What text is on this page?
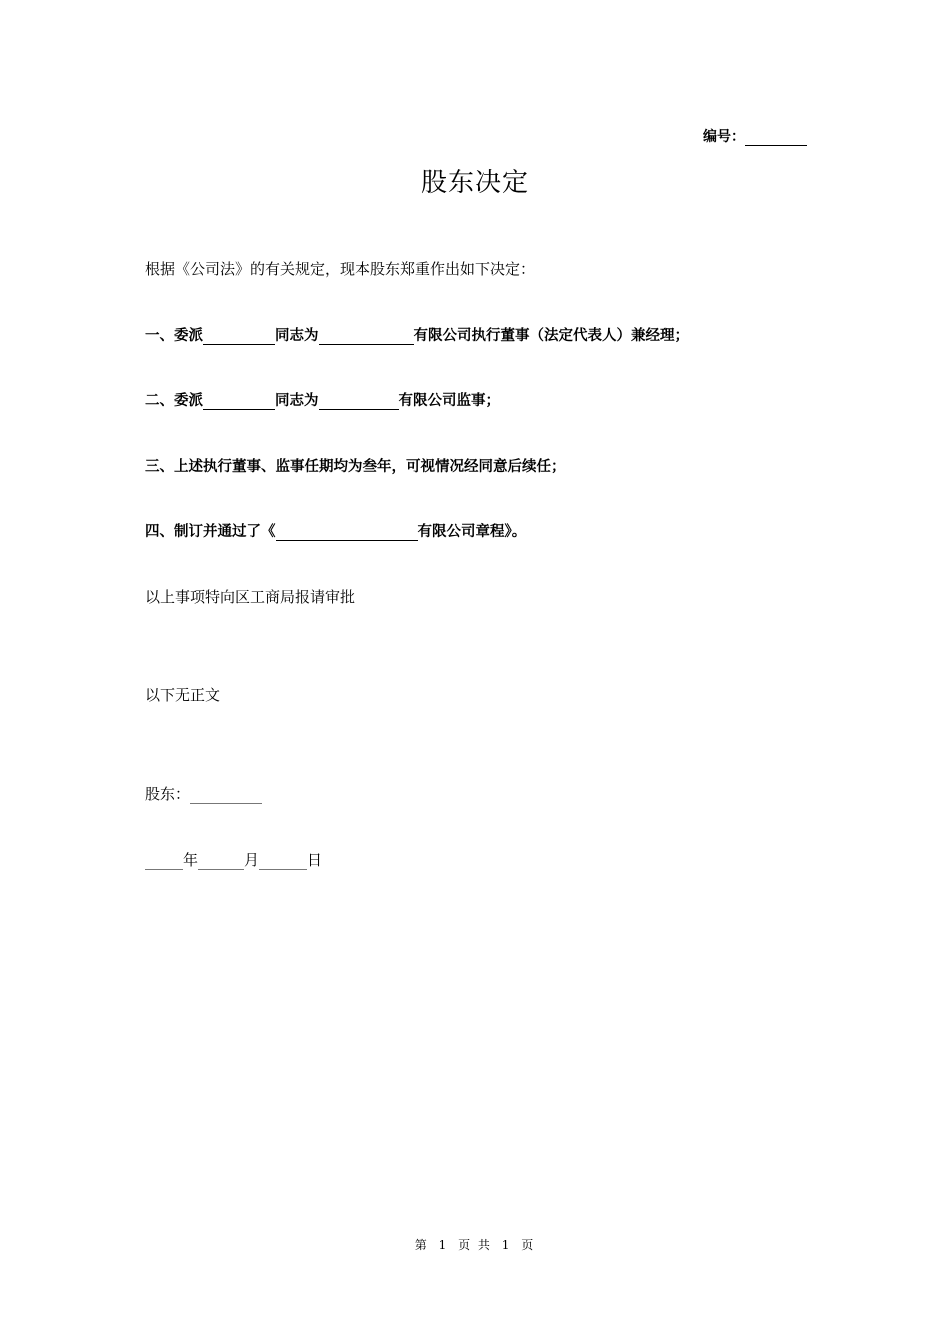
编号：
股东决定
根据《公司法》的有关规定，现本股东郑重作出如下决定：
一、委派	同志为	有限公司执行董事（法定代表人）兼经理；
二、委派	同志为	有限公司监事；
三、上述执行董事、监事任期均为叁年，可视情况经同意后续任；
四、制订并通过了《	有限公司章程》。
以上事项特向区工商局报请审批
以下无正文
股东：
年	月	日
第 1 页 共 1 页
